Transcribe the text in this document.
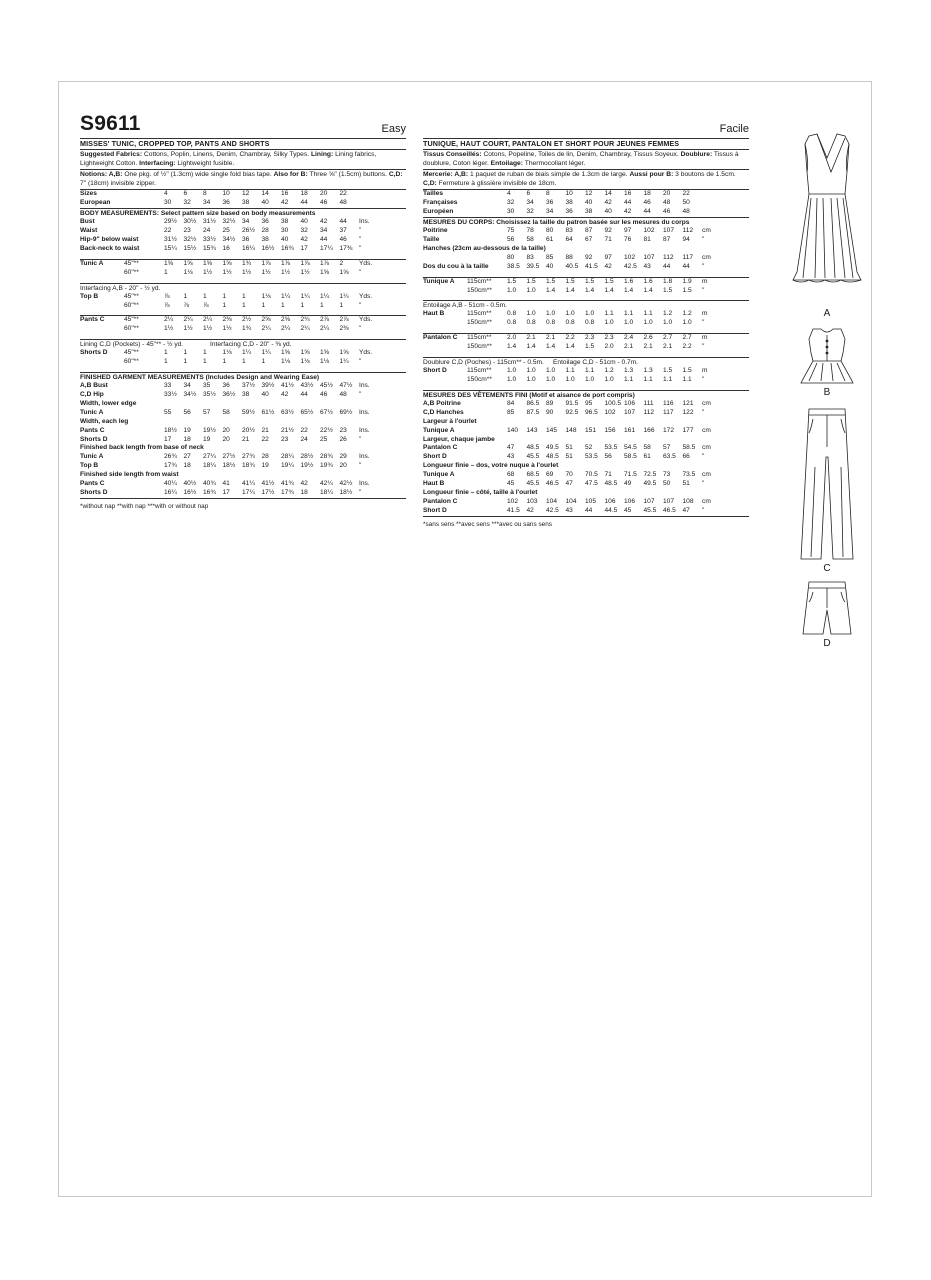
S9611	Easy
MISSES' TUNIC, CROPPED TOP, PANTS AND SHORTS
Suggested Fabrics: Cottons, Poplin, Linens, Denim, Chambray, Silky Types. Lining: Lining fabrics, Lightweight Cotton. Interfacing: Lightweight fusible.
Notions: A,B: One pkg. of ½" (1.3cm) wide single fold bias tape. Also for B: Three ⅝" (1.5cm) buttons. C,D: 7" (18cm) invisible zipper.
Sizes	4	6	8	10	12	14	16	18	20	22	
European	30	32	34	36	38	40	42	44	46	48	
BODY MEASUREMENTS: Select pattern size based on body measurements
Bust	29½	30½	31½	32½	34	36	38	40	42	44	Ins.
Waist	22	23	24	25	26½	28	30	32	34	37	"
Hip-9" below waist	31½	32½	33½	34½	36	38	40	42	44	46	"
Back-neck to waist	15¼	15½	15¾	16	16¼	16½	16¾	17	17¼	17⅜	"

Tunic A	45"**	1⅝	1⅝	1⅝	1⅝	1¾	1⅞	1⅞	1⅞	1⅞	2	Yds.
	60"**	1	1⅛	1½	1½	1½	1½	1½	1½	1⅝	1⅝	"

Interfacing A,B - 20" - ½ yd.
Top B	45"**	⅞	1	1	1	1	1⅛	1¼	1¼	1¼	1¼	Yds.
	60"**	⅞	⅞	⅞	1	1	1	1	1	1	1	"

Pants C	45"**	2¼	2¼	2¼	2⅜	2½	2⅝	2⅝	2¾	2⅞	2⅞	Yds.
	60"**	1½	1½	1½	1½	1¾	2¼	2¼	2¼	2¼	2⅜	"

Lining C,D (Pockets) - 45"** - ½ yd.	Interfacing C,D - 20" - ⅜ yd.
Shorts D	45"**	1	1	1	1⅛	1¼	1¼	1⅝	1⅝	1⅝	1⅝	Yds.
	60"**	1	1	1	1	1	1	1⅛	1⅛	1⅛	1¼	"

FINISHED GARMENT MEASUREMENTS (Includes Design and Wearing Ease)
A,B Bust	33	34	35	36	37½	39½	41½	43½	45½	47½	Ins.
C,D Hip	33½	34½	35½	36½	38	40	42	44	46	48	"
Width, lower edge											
Tunic A	55	56	57	58	59½	61½	63½	65½	67½	69½	Ins.
Width, each leg											
Pants C	18½	19	19½	20	20½	21	21½	22	22½	23	Ins.
Shorts D	17	18	19	20	21	22	23	24	25	26	"
Finished back length from base of neck											
Tunic A	26¾	27	27¼	27½	27¾	28	28¼	28½	28¾	29	Ins.
Top B	17¾	18	18¼	18½	18¾	19	19¼	19½	19¾	20	"
Finished side length from waist											
Pants C	40¼	40½	40¾	41	41¼	41½	41¾	42	42¼	42½	Ins.
Shorts D	16¼	16½	16¾	17	17¼	17½	17¾	18	18¼	18½	"
*without nap **with nap ***with or without nap
Facile
TUNIQUE, HAUT COURT, PANTALON ET SHORT POUR JEUNES FEMMES
Tissus Conseillés: Cotons, Popeline, Toiles de lin, Denim, Chambray, Tissus Soyeux. Doublure: Tissus à doublure, Coton léger. Entoilage: Thermocollant léger.
Mercerie: A,B: 1 paquet de ruban de biais simple de 1.3cm de large. Aussi pour B: 3 boutons de 1.5cm. C,D: Fermeture à glissière invisible de 18cm.
Tailles	4	6	8	10	12	14	16	18	20	22	
Françaises	32	34	36	38	40	42	44	46	48	50	
Européen	30	32	34	36	38	40	42	44	46	48	
MESURES DU CORPS: Choisissez la taille du patron basée sur les mesures du corps
Poitrine	75	78	80	83	87	92	97	102	107	112	cm
Taille	56	58	61	64	67	71	76	81	87	94	"
Hanches (23cm au-dessous de la taille)											
	80	83	85	88	92	97	102	107	112	117	cm
Dos du cou à la taille	38.5	39.5	40	40.5	41.5	42	42.5	43	44	44	"

Tunique A	115cm**	1.5	1.5	1.5	1.5	1.5	1.5	1.6	1.6	1.8	1.9	m
	150cm**	1.0	1.0	1.4	1.4	1.4	1.4	1.4	1.4	1.5	1.5	"

Entoilage A,B - 51cm - 0.5m.
Haut B	115cm**	0.8	1.0	1.0	1.0	1.0	1.1	1.1	1.1	1.2	1.2	m
	150cm**	0.8	0.8	0.8	0.8	0.8	1.0	1.0	1.0	1.0	1.0	"

Pantalon C	115cm**	2.0	2.1	2.1	2.2	2.3	2.3	2.4	2.6	2.7	2.7	m
	150cm**	1.4	1.4	1.4	1.4	1.5	2.0	2.1	2.1	2.1	2.2	"

Doublure C,D (Poches) - 115cm** - 0.5m. Entoilage C,D - 51cm - 0.7m.
Short D	115cm**	1.0	1.0	1.0	1.1	1.1	1.2	1.3	1.3	1.5	1.5	m
	150cm**	1.0	1.0	1.0	1.0	1.0	1.0	1.1	1.1	1.1	1.1	"

MESURES DES VÊTEMENTS FINI (Motif et aisance de port compris)
A,B Poitrine	84	86.5	89	91.5	95	100.5	106	111	116	121	cm
C,D Hanches	85	87.5	90	92.5	96.5	102	107	112	117	122	"
Largeur à l'ourlet											
Tunique A	140	143	145	148	151	156	161	166	172	177	cm
Largeur, chaque jambe											
Pantalon C	47	48.5	49.5	51	52	53.5	54.5	58	57	58.5	cm
Short D	43	45.5	48.5	51	53.5	56	58.5	61	63.5	66	"
Longueur finie – dos, votre nuque à l'ourlet											
Tunique A	68	68.5	69	70	70.5	71	71.5	72.5	73	73.5	cm
Haut B	45	45.5	46.5	47	47.5	48.5	49	49.5	50	51	"
Longueur finie – côté, taille à l'ourlet											
Pantalon C	102	103	104	104	105	106	106	107	107	108	cm
Short D	41.5	42	42.5	43	44	44.5	45	45.5	46.5	47	"
*sans sens **avec sens ***avec ou sans sens
A
B
C
D
